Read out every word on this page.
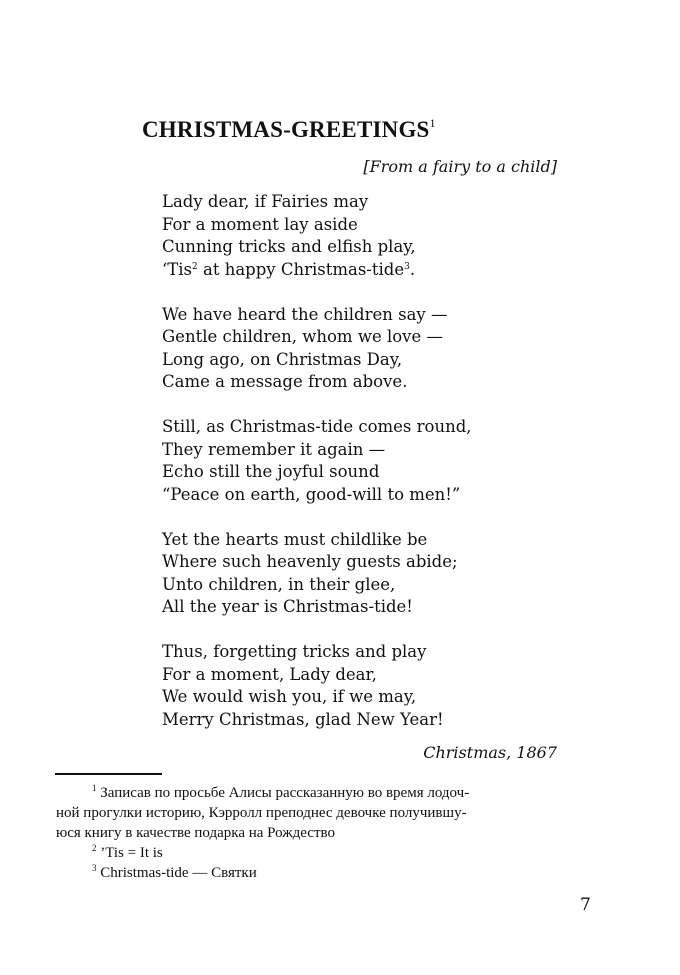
CHRISTMAS-GREETINGS$^1$
[From a fairy to a child]
Lady dear, if Fairies may
For a moment lay aside
Cunning tricks and elfish play,
‘Tis$^2$ at happy Christmas-tide$^3$.
We have heard the children say —
Gentle children, whom we love —
Long ago, on Christmas Day,
Came a message from above.
Still, as Christmas-tide comes round,
They remember it again —
Echo still the joyful sound
“Peace on earth, good-will to men!”
Yet the hearts must childlike be
Where such heavenly guests abide;
Unto children, in their glee,
All the year is Christmas-tide!
Thus, forgetting tricks and play
For a moment, Lady dear,
We would wish you, if we may,
Merry Christmas, glad New Year!
Christmas, 1867
$^1$ Записав по просьбе Алисы рассказанную во время лодоч-
ной прогулки историю, Кэрролл преподнес девочке получившу-
юся книгу в качестве подарка на Рождество
$^2$ ’Tis = It is
$^3$ Christmas-tide — Святки
7
